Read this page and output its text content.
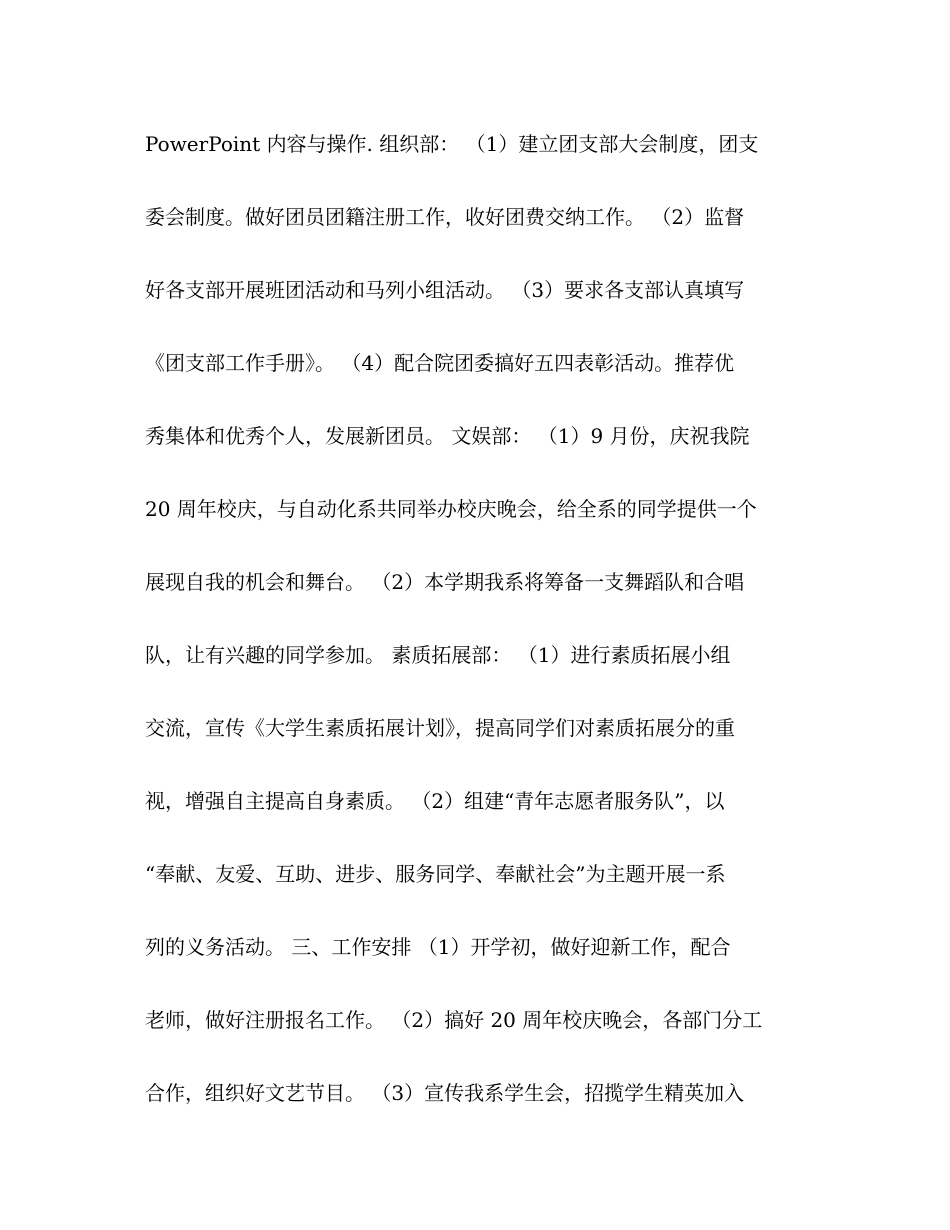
PowerPoint 内容与操作. 组织部： （1）建立团支部大会制度，团支
委会制度。做好团员团籍注册工作，收好团费交纳工作。 （2）监督
好各支部开展班团活动和马列小组活动。 （3）要求各支部认真填写
《团支部工作手册》。 （4）配合院团委搞好五四表彰活动。推荐优
秀集体和优秀个人，发展新团员。 文娱部： （1）9 月份，庆祝我院
20 周年校庆，与自动化系共同举办校庆晚会，给全系的同学提供一个
展现自我的机会和舞台。 （2）本学期我系将筹备一支舞蹈队和合唱
队，让有兴趣的同学参加。 素质拓展部： （1）进行素质拓展小组
交流，宣传《大学生素质拓展计划》，提高同学们对素质拓展分的重
视，增强自主提高自身素质。 （2）组建“青年志愿者服务队”，以
“奉献、友爱、互助、进步、服务同学、奉献社会”为主题开展一系
列的义务活动。 三、工作安排 （1）开学初，做好迎新工作，配合
老师，做好注册报名工作。 （2）搞好 20 周年校庆晚会，各部门分工
合作，组织好文艺节目。 （3）宣传我系学生会，招揽学生精英加入
